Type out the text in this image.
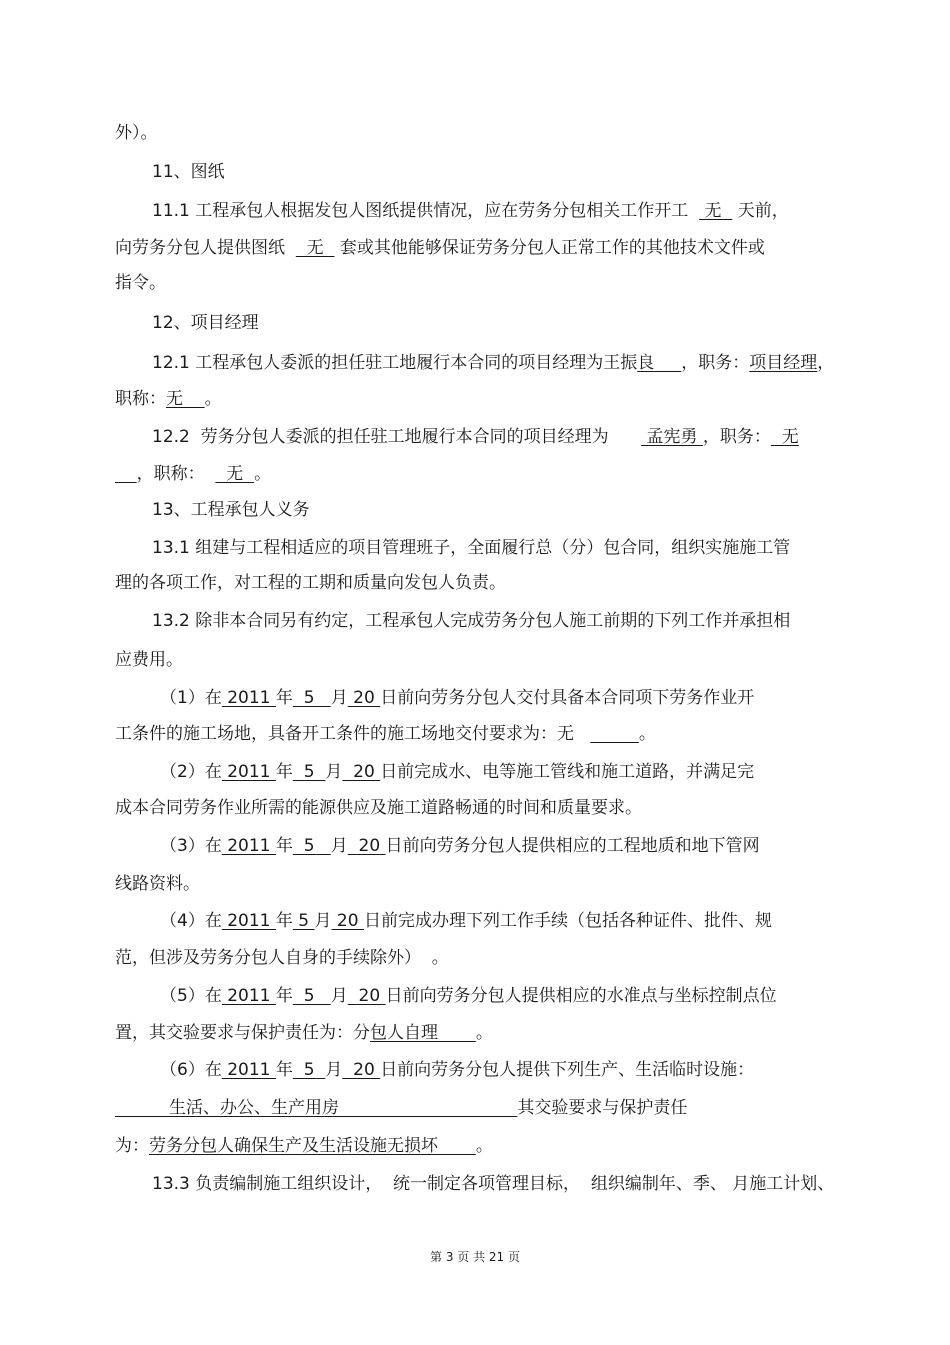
外）。
11、图纸
11.1 工程承包人根据发包人图纸提供情况，应在劳务分包相关工作开工   无   天前，
向劳务分包人提供图纸    无   套或其他能够保证劳务分包人正常工作的其他技术文件或
指令。
12、项目经理
12.1 工程承包人委派的担任驻工地履行本合同的项目经理为王振良     ，职务：项目经理，
职称：无    。
12.2  劳务分包人委派的担任驻工地履行本合同的项目经理为       孟宪勇 ，职务：  无
，职称：    无  。
13、工程承包人义务
13.1 组建与工程相适应的项目管理班子，全面履行总（分）包合同，组织实施施工管
理的各项工作，对工程的工期和质量向发包人负责。
13.2 除非本合同另有约定，工程承包人完成劳务分包人施工前期的下列工作并承担相
应费用。
（1）在 2011 年  5   月 20 日前向劳务分包人交付具备本合同项下劳务作业开
工条件的施工场地，具备开工条件的施工场地交付要求为：无	。
（2）在 2011 年  5  月  20 日前完成水、电等施工管线和施工道路，并满足完
成本合同劳务作业所需的能源供应及施工道路畅通的时间和质量要求。
（3）在 2011 年  5   月  20 日前向劳务分包人提供相应的工程地质和地下管网
线路资料。
（4）在 2011 年 5 月 20 日前完成办理下列工作手续（包括各种证件、批件、规
范，但涉及劳务分包人自身的手续除外）  。
（5）在 2011 年  5   月  20 日前向劳务分包人提供相应的水准点与坐标控制点位
置，其交验要求与保护责任为：分包人自理       。
（6）在 2011 年  5  月  20 日前向劳务分包人提供下列生产、生活临时设施：
生活、办公、生产用房                                 其交验要求与保护责任
为：劳务分包人确保生产及生活设施无损坏       。
13.3 负责编制施工组织设计，  统一制定各项管理目标，  组织编制年、季、 月施工计划、
第 3 页 共 21 页
